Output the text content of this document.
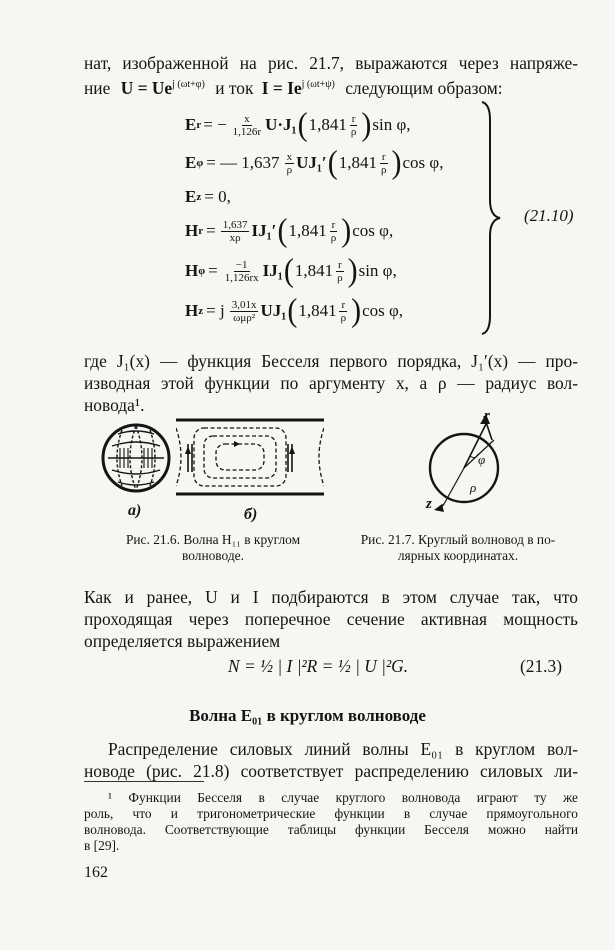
нат, изображенной на рис. 21.7, выражаются через напряже-
ние $U = Ue^{j (\omega t+\varphi)}$ и ток $I = Ie^{j (\omega t+\psi)}$ следующим образом:
E r = − $\frac{x}{1,126r} U\cdot J_1$ ( $1,841 \frac{r}{\rho}$ ) sin φ,
E φ = — $1,637 \frac{x}{\rho} UJ_1'$ ( $1,841 \frac{r}{\rho}$ ) cos φ,
E z = 0,
H $r = \frac{1,637}{x\rho} IJ_1'$ ( $1,841 \frac{r}{\rho}$ ) cos φ,
H $\varphi = \frac{-1}{1,126rx} IJ_1$ ( $1,841 \frac{r}{\rho}$ ) sin φ,
H z = j $\frac{3,01x}{\text{ωμρ²}} UJ_1$ ( $1,841 \frac{r}{\rho}$ ) cos φ,
(21.10)
где J₁(x) — функция Бесселя первого порядка, J₁′(x) — про-
изводная этой функции по аргументу x, а ρ — радиус вол-
новода¹.
а)	б)
r
φ
ρ
z
Рис. 21.6. Волна H₁₁ в круглом
волноводе.
Рис. 21.7. Круглый волновод в по-
лярных координатах.
Как и ранее, U и I подбираются в этом случае так, что
проходящая через поперечное сечение активная мощность
определяется выражением
N = ½ | I |²R = ½ | U |²G.	(21.3)
Волна E₀₁ в круглом волноводе
Распределение силовых линий волны E₀₁ в круглом вол-
новоде (рис. 21.8) соответствует распределению силовых ли-
¹ Функции Бесселя в случае круглого волновода играют ту же
роль, что и тригонометрические функции в случае прямоугольного
волновода. Соответствующие таблицы функции Бесселя можно найти
в [29].
162
